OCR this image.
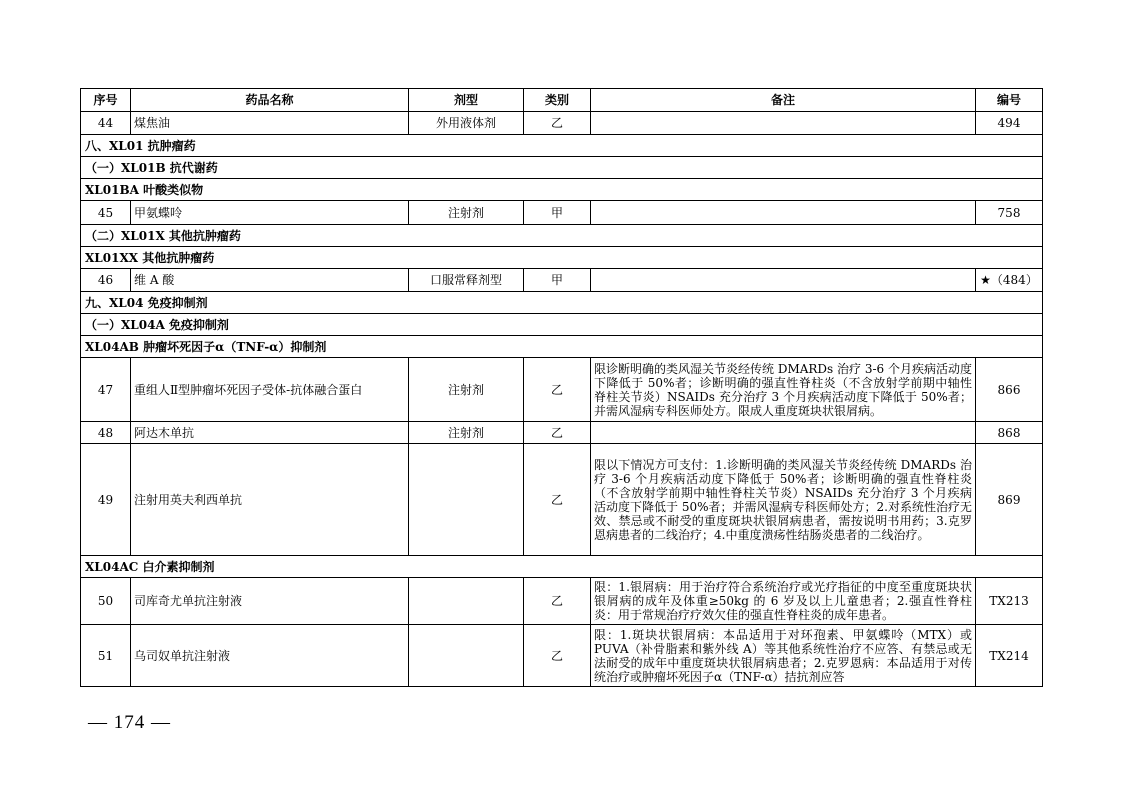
序号	药品名称	剂型	类别	备注	编号
44	煤焦油	外用液体剂	乙		494
八、XL01 抗肿瘤药					
（一）XL01B 抗代谢药					
XL01BA 叶酸类似物					
45	甲氨蝶呤	注射剂	甲		758
（二）XL01X 其他抗肿瘤药					
XL01XX 其他抗肿瘤药					
46	维 A 酸	口服常释剂型	甲		★（484）
九、XL04 免疫抑制剂					
（一）XL04A 免疫抑制剂					
XL04AB 肿瘤坏死因子α（TNF-α）抑制剂					
47	重组人Ⅱ型肿瘤坏死因子受体-抗体融合蛋白	注射剂	乙	限诊断明确的类风湿关节炎经传统 DMARDs 治疗 3-6 个月疾病活动度下降低于 50%者；诊断明确的强直性脊柱炎（不含放射学前期中轴性脊柱关节炎）NSAIDs 充分治疗 3 个月疾病活动度下降低于 50%者；并需风湿病专科医师处方。限成人重度斑块状银屑病。	866
48	阿达木单抗	注射剂	乙		868
49	注射用英夫利西单抗		乙	限以下情况方可支付：1.诊断明确的类风湿关节炎经传统 DMARDs 治疗 3-6 个月疾病活动度下降低于 50%者；诊断明确的强直性脊柱炎（不含放射学前期中轴性脊柱关节炎）NSAIDs 充分治疗 3 个月疾病活动度下降低于 50%者；并需风湿病专科医师处方；2.对系统性治疗无效、禁忌或不耐受的重度斑块状银屑病患者，需按说明书用药；3.克罗恩病患者的二线治疗；4.中重度溃疡性结肠炎患者的二线治疗。	869
XL04AC 白介素抑制剂					
50	司库奇尤单抗注射液		乙	限：1.银屑病：用于治疗符合系统治疗或光疗指征的中度至重度斑块状银屑病的成年及体重≥50kg 的 6 岁及以上儿童患者；2.强直性脊柱炎：用于常规治疗疗效欠佳的强直性脊柱炎的成年患者。	TX213
51	乌司奴单抗注射液		乙	限：1.斑块状银屑病：本品适用于对环孢素、甲氨蝶呤（MTX）或 PUVA（补骨脂素和紫外线 A）等其他系统性治疗不应答、有禁忌或无法耐受的成年中重度斑块状银屑病患者；2.克罗恩病：本品适用于对传统治疗或肿瘤坏死因子α（TNF-α）拮抗剂应答	TX214
— 174 —
